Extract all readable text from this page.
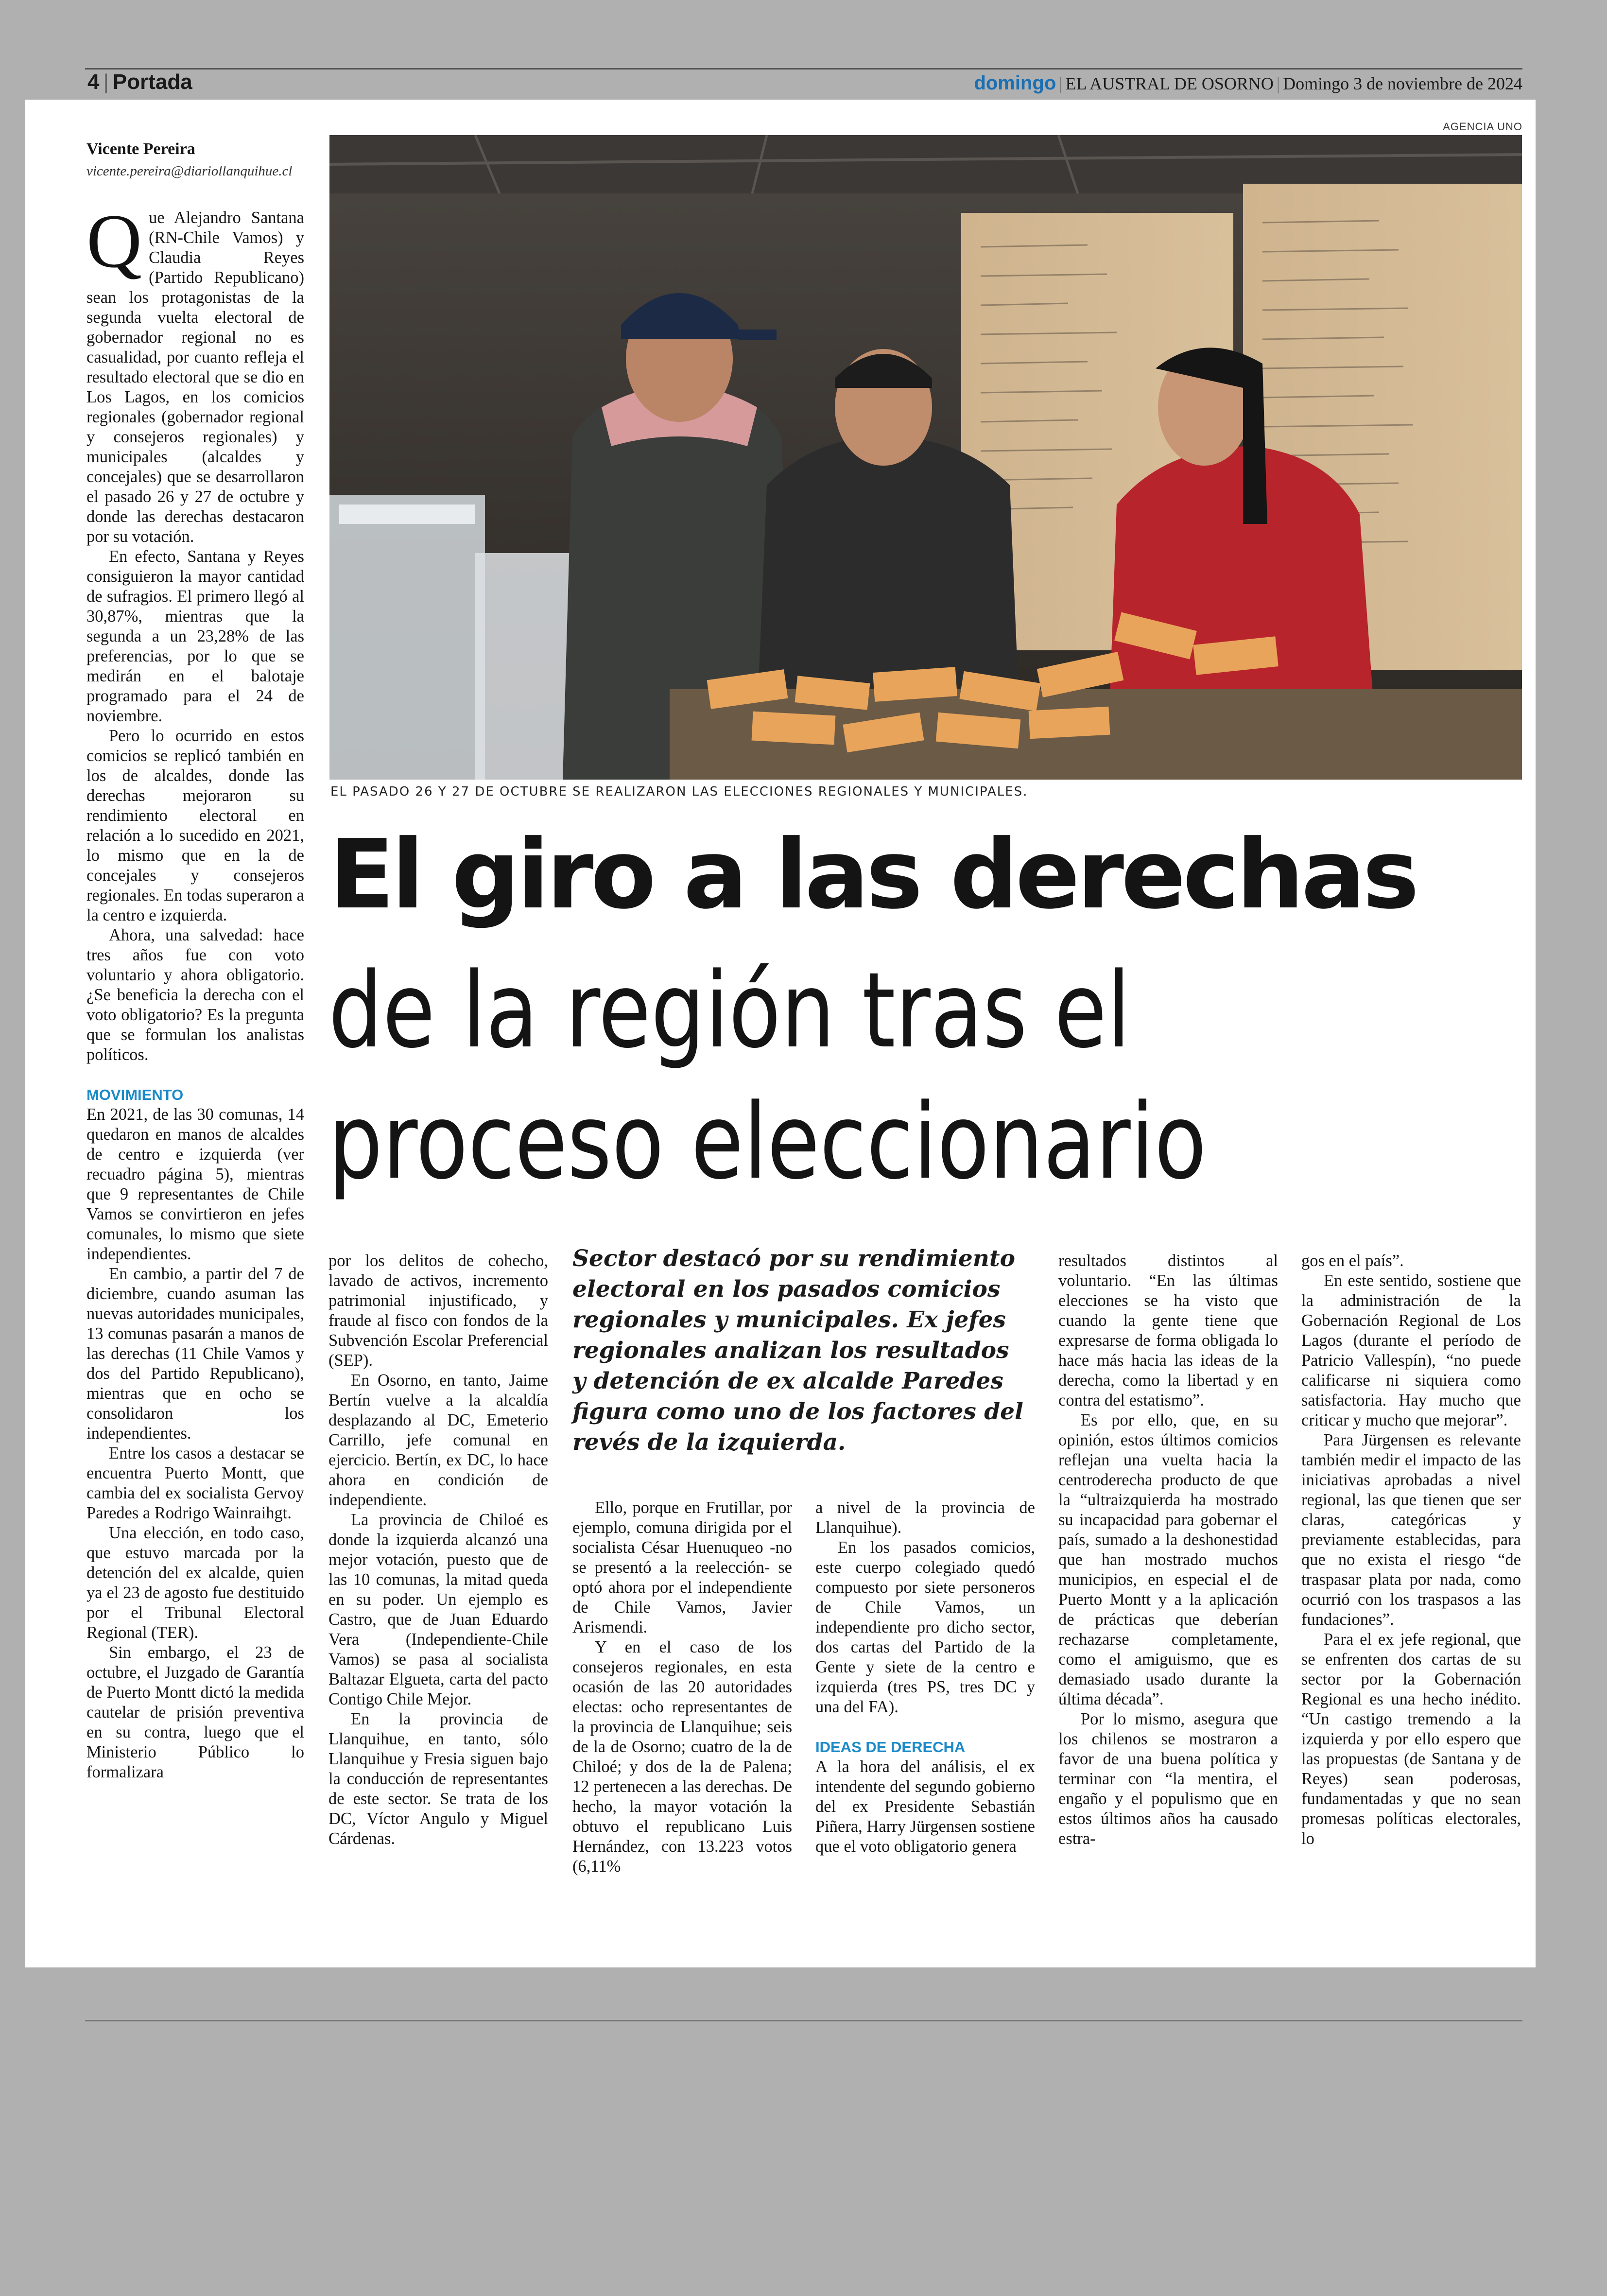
4 | Portada	domingo | EL AUSTRAL DE OSORNO | Domingo 3 de noviembre de 2024
Vicente Pereira
vicente.pereira@diariollanquihue.cl
AGENCIA UNO
EL PASADO 26 Y 27 DE OCTUBRE SE REALIZARON LAS ELECCIONES REGIONALES Y MUNICIPALES.
Q ue Alejandro Santana (RN-Chile Vamos) y Claudia Reyes (Partido Republicano) sean los protagonistas de la segunda vuelta electoral de gobernador regional no es casualidad, por cuanto refleja el resultado electoral que se dio en Los Lagos, en los comicios regionales (gobernador regional y consejeros regionales) y municipales (alcaldes y concejales) que se desarrollaron el pasado 26 y 27 de octubre y donde las derechas destacaron por su votación.

En efecto, Santana y Reyes consiguieron la mayor cantidad de sufragios. El primero llegó al 30,87%, mientras que la segunda a un 23,28% de las preferencias, por lo que se medirán en el balotaje programado para el 24 de noviembre.

Pero lo ocurrido en estos comicios se replicó también en los de alcaldes, donde las derechas mejoraron su rendimiento electoral en relación a lo sucedido en 2021, lo mismo que en la de concejales y consejeros regionales. En todas superaron a la centro e izquierda.

Ahora, una salvedad: hace tres años fue con voto voluntario y ahora obligatorio. ¿Se beneficia la derecha con el voto obligatorio? Es la pregunta que se formulan los analistas políticos.

MOVIMIENTO

En 2021, de las 30 comunas, 14 quedaron en manos de alcaldes de centro e izquierda (ver recuadro página 5), mientras que 9 representantes de Chile Vamos se convirtieron en jefes comunales, lo mismo que siete independientes.

En cambio, a partir del 7 de diciembre, cuando asuman las nuevas autoridades municipales, 13 comunas pasarán a manos de las derechas (11 Chile Vamos y dos del Partido Republicano), mientras que en ocho se consolidaron los independientes.

Entre los casos a destacar se encuentra Puerto Montt, que cambia del ex socialista Gervoy Paredes a Rodrigo Wainraihgt.

Una elección, en todo caso, que estuvo marcada por la detención del ex alcalde, quien ya el 23 de agosto fue destituido por el Tribunal Electoral Regional (TER).

Sin embargo, el 23 de octubre, el Juzgado de Garantía de Puerto Montt dictó la medida cautelar de prisión preventiva en su contra, luego que el Ministerio Público lo formalizara

El giro a las derechas
de la región tras el proceso eleccionario

por los delitos de cohecho, lavado de activos, incremento patrimonial injustificado, y fraude al fisco con fondos de la Subvención Escolar Preferencial (SEP).

En Osorno, en tanto, Jaime Bertín vuelve a la alcaldía desplazando al DC, Emeterio Carrillo, jefe comunal en ejercicio. Bertín, ex DC, lo hace ahora en condición de independiente.

La provincia de Chiloé es donde la izquierda alcanzó una mejor votación, puesto que de las 10 comunas, la mitad queda en su poder. Un ejemplo es Castro, que de Juan Eduardo Vera (Independiente-Chile Vamos) se pasa al socialista Baltazar Elgueta, carta del pacto Contigo Chile Mejor.

En la provincia de Llanquihue, en tanto, sólo Llanquihue y Fresia siguen bajo la conducción de representantes de este sector. Se trata de los DC, Víctor Angulo y Miguel Cárdenas.

Sector destacó por su rendimiento electoral en los pasados comicios regionales y municipales. Ex jefes regionales analizan los resultados y detención de ex alcalde Paredes figura como uno de los factores del revés de la izquierda.

Ello, porque en Frutillar, por ejemplo, comuna dirigida por el socialista César Huenuqueo -no se presentó a la reelección- se optó ahora por el independiente de Chile Vamos, Javier Arismendi.

Y en el caso de los consejeros regionales, en esta ocasión de las 20 autoridades electas: ocho representantes de la provincia de Llanquihue; seis de la de Osorno; cuatro de la de Chiloé; y dos de la de Palena; 12 pertenecen a las derechas. De hecho, la mayor votación la obtuvo el republicano Luis Hernández, con 13.223 votos (6,11%

a nivel de la provincia de Llanquihue).

En los pasados comicios, este cuerpo colegiado quedó compuesto por siete personeros de Chile Vamos, un independiente pro dicho sector, dos cartas del Partido de la Gente y siete de la centro e izquierda (tres PS, tres DC y una del FA).

IDEAS DE DERECHA

A la hora del análisis, el ex intendente del segundo gobierno del ex Presidente Sebastián Piñera, Harry Jürgensen sostiene que el voto obligatorio genera

resultados distintos al voluntario. “En las últimas elecciones se ha visto que cuando la gente tiene que expresarse de forma obligada lo hace más hacia las ideas de la derecha, como la libertad y en contra del estatismo”.

Es por ello, que, en su opinión, estos últimos comicios reflejan una vuelta hacia la centroderecha producto de que la “ultraizquierda ha mostrado su incapacidad para gobernar el país, sumado a la deshonestidad que han mostrado muchos municipios, en especial el de Puerto Montt y a la aplicación de prácticas que deberían rechazarse completamente, como el amiguismo, que es demasiado usado durante la última década”.

Por lo mismo, asegura que los chilenos se mostraron a favor de una buena política y terminar con “la mentira, el engaño y el populismo que en estos últimos años ha causado estra-

gos en el país”.

En este sentido, sostiene que la administración de la Gobernación Regional de Los Lagos (durante el período de Patricio Vallespín), “no puede calificarse ni siquiera como satisfactoria. Hay mucho que criticar y mucho que mejorar”.

Para Jürgensen es relevante también medir el impacto de las iniciativas aprobadas a nivel regional, las que tienen que ser claras, categóricas y previamente establecidas, para que no exista el riesgo “de traspasar plata por nada, como ocurrió con los traspasos a las fundaciones”.

Para el ex jefe regional, que se enfrenten dos cartas de su sector por la Gobernación Regional es una hecho inédito. “Un castigo tremendo a la izquierda y por ello espero que las propuestas (de Santana y de Reyes) sean poderosas, fundamentadas y que no sean promesas políticas electorales, lo
